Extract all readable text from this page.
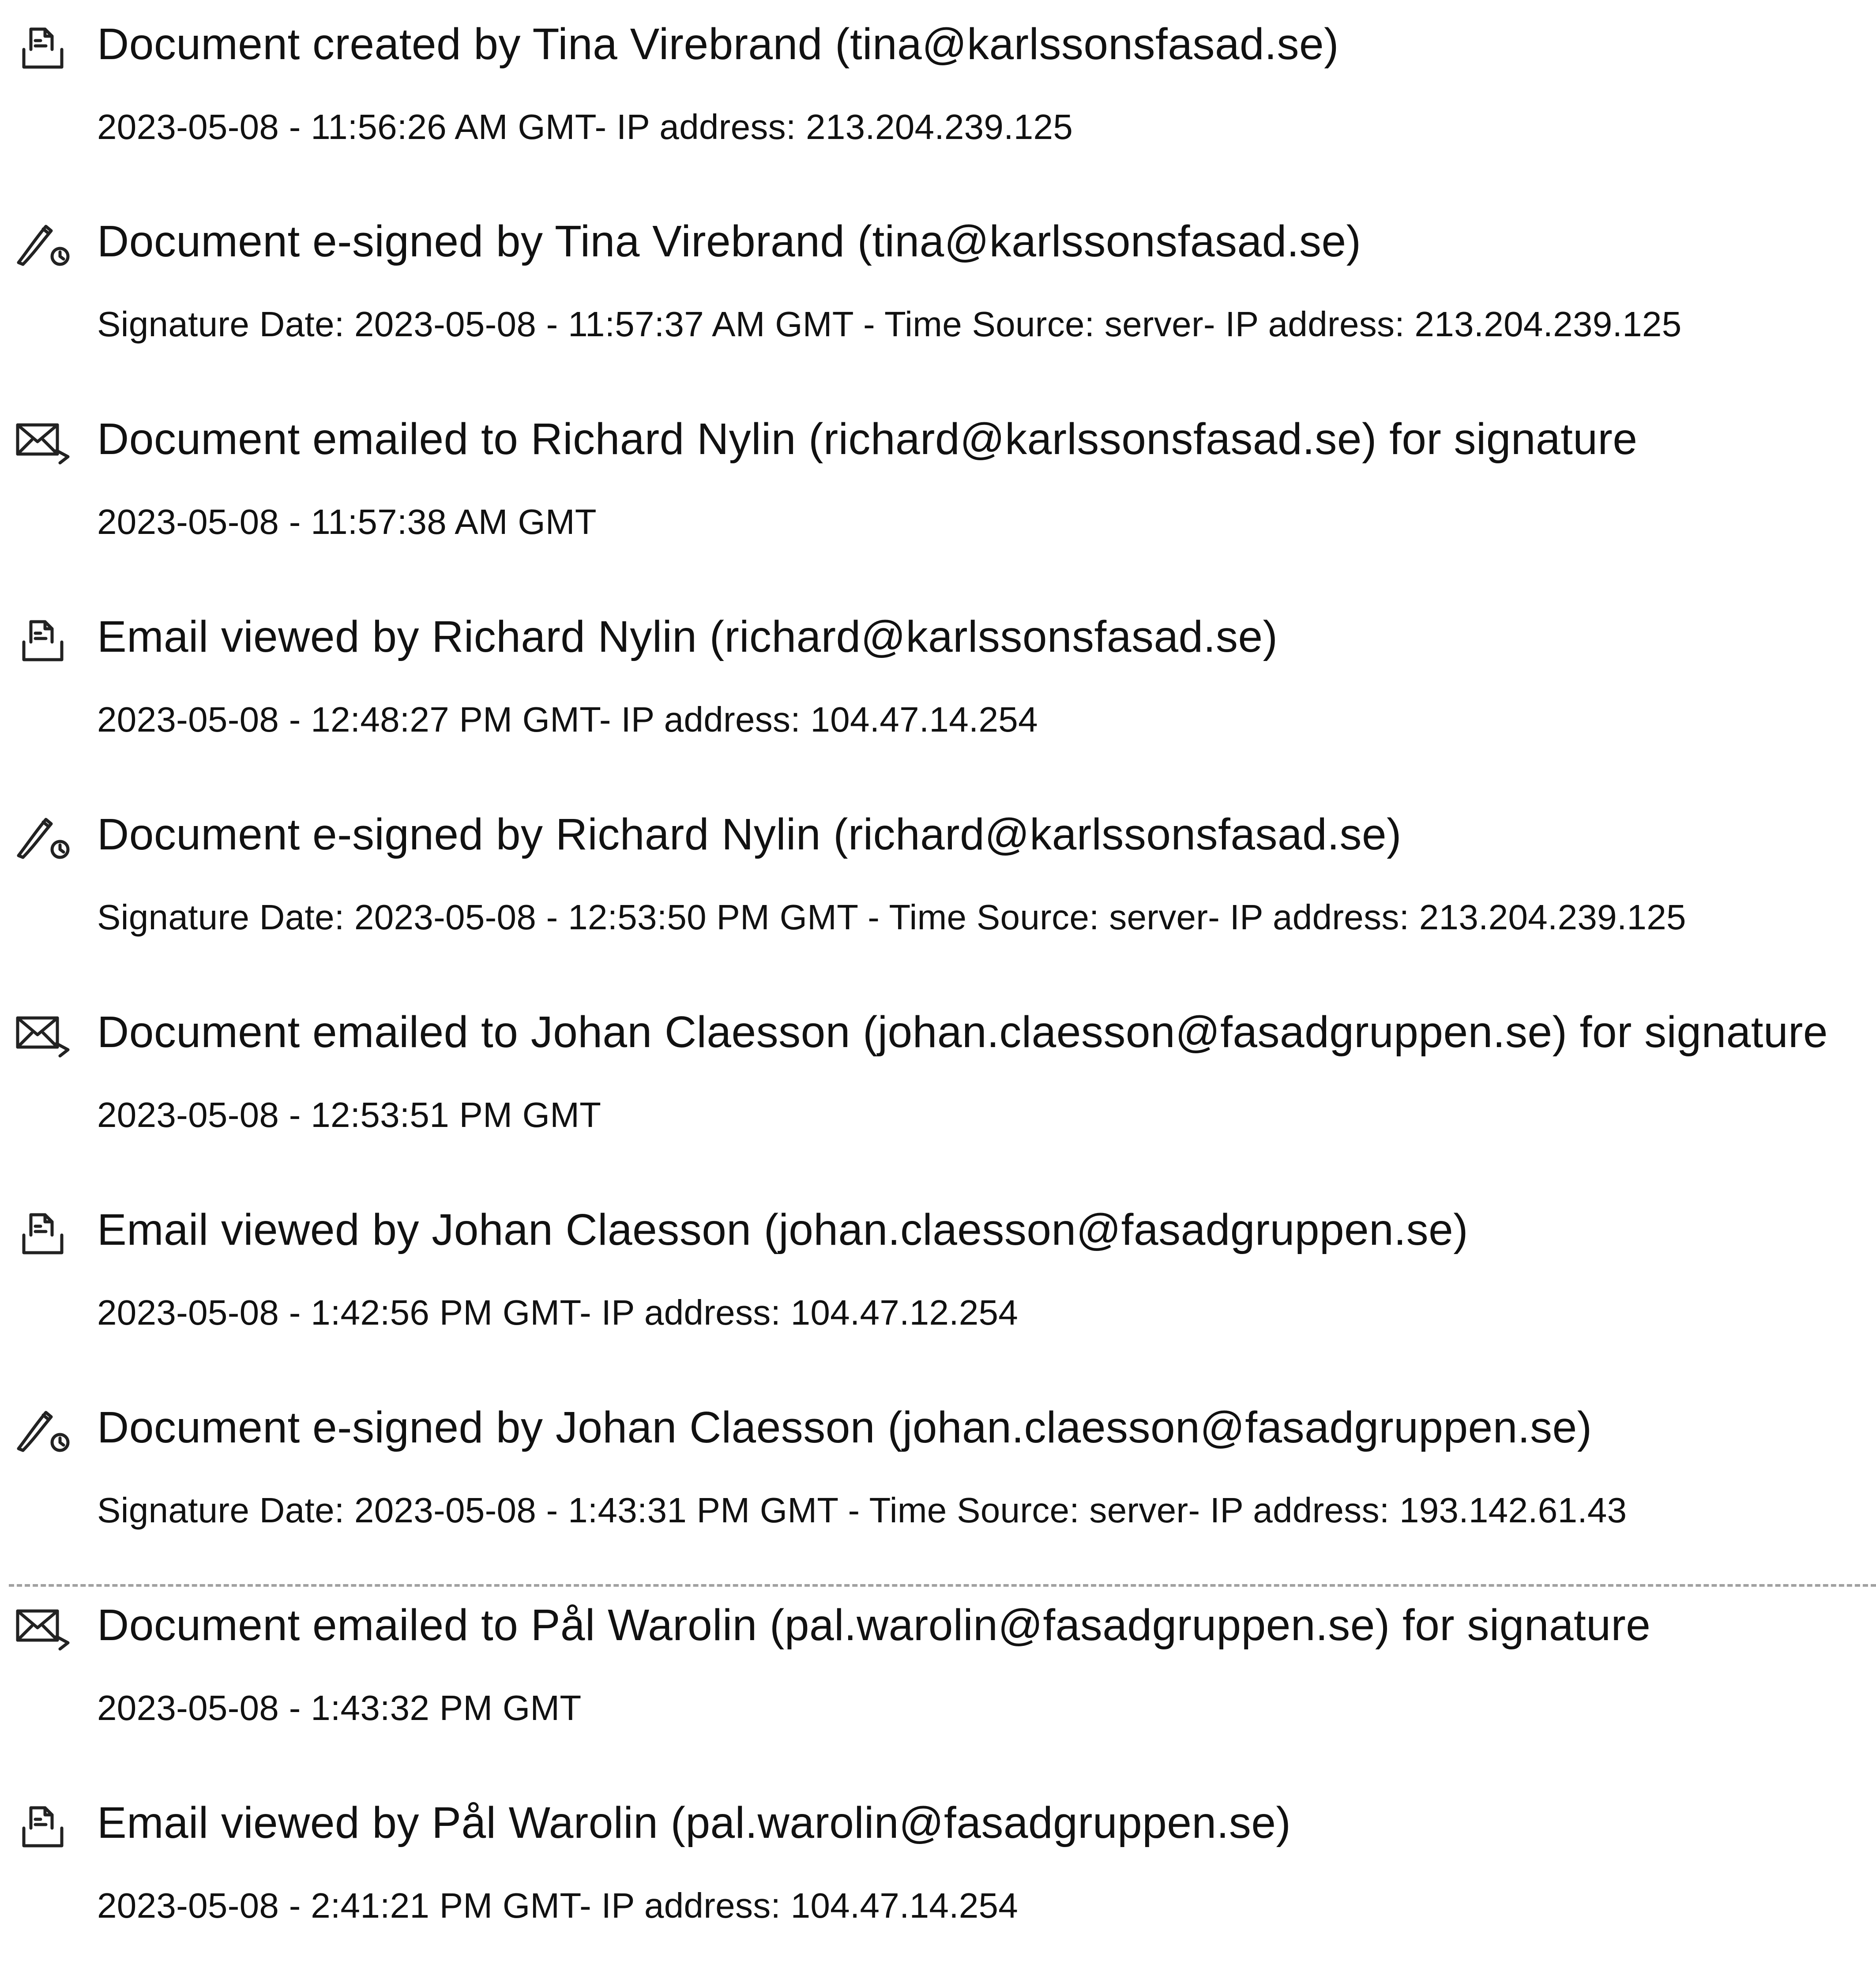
Document created by Tina Virebrand (tina@karlssonsfasad.se)
2023-05-08 - 11:56:26 AM GMT- IP address: 213.204.239.125
Document e-signed by Tina Virebrand (tina@karlssonsfasad.se)
Signature Date: 2023-05-08 - 11:57:37 AM GMT - Time Source: server- IP address: 213.204.239.125
Document emailed to Richard Nylin (richard@karlssonsfasad.se) for signature
2023-05-08 - 11:57:38 AM GMT
Email viewed by Richard Nylin (richard@karlssonsfasad.se)
2023-05-08 - 12:48:27 PM GMT- IP address: 104.47.14.254
Document e-signed by Richard Nylin (richard@karlssonsfasad.se)
Signature Date: 2023-05-08 - 12:53:50 PM GMT - Time Source: server- IP address: 213.204.239.125
Document emailed to Johan Claesson (johan.claesson@fasadgruppen.se) for signature
2023-05-08 - 12:53:51 PM GMT
Email viewed by Johan Claesson (johan.claesson@fasadgruppen.se)
2023-05-08 - 1:42:56 PM GMT- IP address: 104.47.12.254
Document e-signed by Johan Claesson (johan.claesson@fasadgruppen.se)
Signature Date: 2023-05-08 - 1:43:31 PM GMT - Time Source: server- IP address: 193.142.61.43
Document emailed to Pål Warolin (pal.warolin@fasadgruppen.se) for signature
2023-05-08 - 1:43:32 PM GMT
Email viewed by Pål Warolin (pal.warolin@fasadgruppen.se)
2023-05-08 - 2:41:21 PM GMT- IP address: 104.47.14.254
